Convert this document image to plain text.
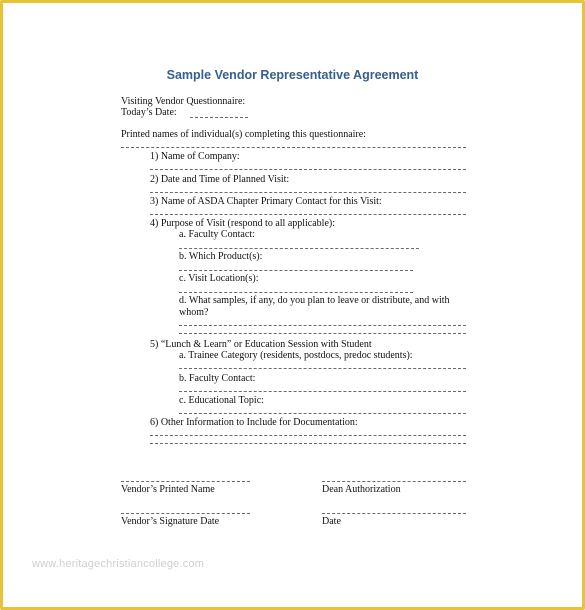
Sample Vendor Representative Agreement
Visiting Vendor Questionnaire:
Today’s Date:
Printed names of individual(s) completing this questionnaire:
1) Name of Company:
2) Date and Time of Planned Visit:
3) Name of ASDA Chapter Primary Contact for this Visit:
4) Purpose of Visit (respond to all applicable):
a. Faculty Contact:
b. Which Product(s):
c. Visit Location(s):
d. What samples, if any, do you plan to leave or distribute, and with whom?
5) “Lunch & Learn” or Education Session with Student
a. Trainee Category (residents, postdocs, predoc students):
b. Faculty Contact:
c. Educational Topic:
6) Other Information to Include for Documentation:
Vendor’s Printed Name	Dean Authorization
Vendor’s Signature Date	Date
www.heritagechristiancollege.com
